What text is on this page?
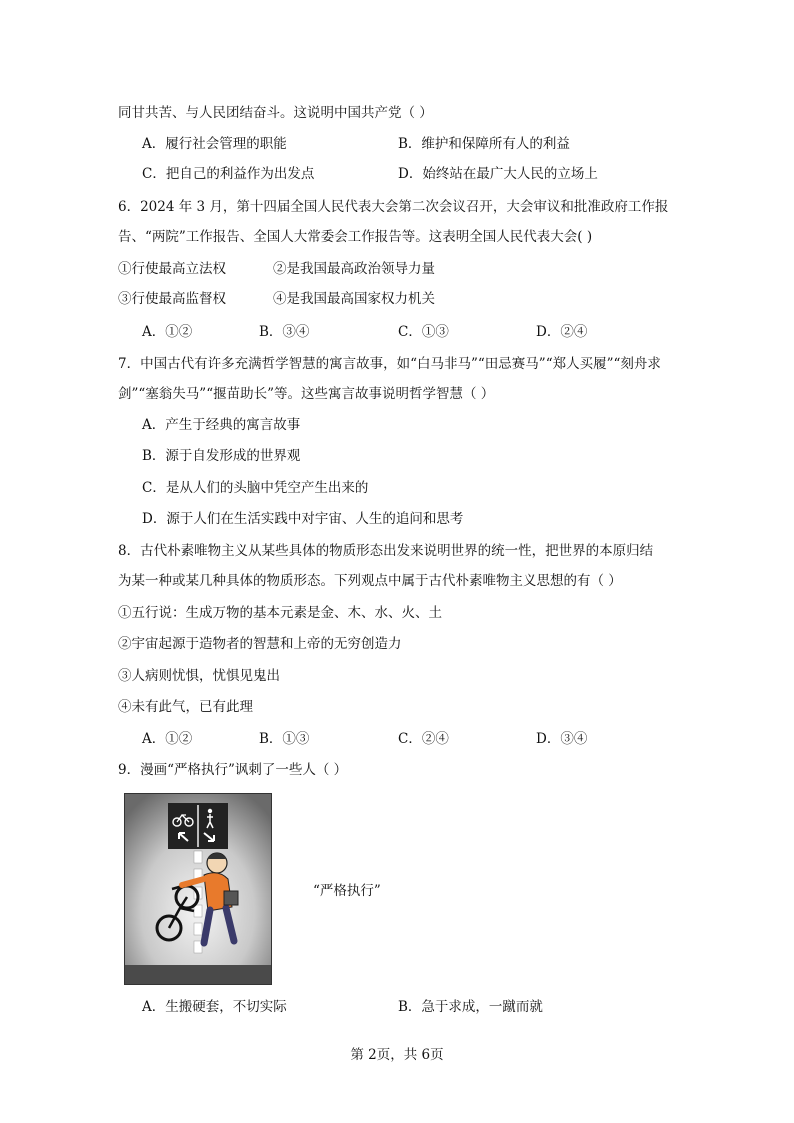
同甘共苦、与人民团结奋斗。这说明中国共产党（ ）
A．履行社会管理的职能	B．维护和保障所有人的利益
C．把自己的利益作为出发点	D．始终站在最广大人民的立场上
6．2024 年 3 月，第十四届全国人民代表大会第二次会议召开，大会审议和批准政府工作报
告、“两院”工作报告、全国人大常委会工作报告等。这表明全国人民代表大会( )
①行使最高立法权	②是我国最高政治领导力量
③行使最高监督权	④是我国最高国家权力机关
A．①②	B．③④	C．①③	D．②④
7．中国古代有许多充满哲学智慧的寓言故事，如“白马非马”“田忌赛马”“郑人买履”“刻舟求
剑”“塞翁失马”“揠苗助长”等。这些寓言故事说明哲学智慧（ ）
A．产生于经典的寓言故事
B．源于自发形成的世界观
C．是从人们的头脑中凭空产生出来的
D．源于人们在生活实践中对宇宙、人生的追问和思考
8．古代朴素唯物主义从某些具体的物质形态出发来说明世界的统一性，把世界的本原归结
为某一种或某几种具体的物质形态。下列观点中属于古代朴素唯物主义思想的有（ ）
①五行说：生成万物的基本元素是金、木、水、火、土
②宇宙起源于造物者的智慧和上帝的无穷创造力
③人病则忧惧，忧惧见鬼出
④未有此气，已有此理
A．①②	B．①③	C．②④	D．③④
9．漫画“严格执行”讽刺了一些人（ ）
“严格执行”
A．生搬硬套，不切实际	B．急于求成，一蹴而就
第 2页，共 6页
